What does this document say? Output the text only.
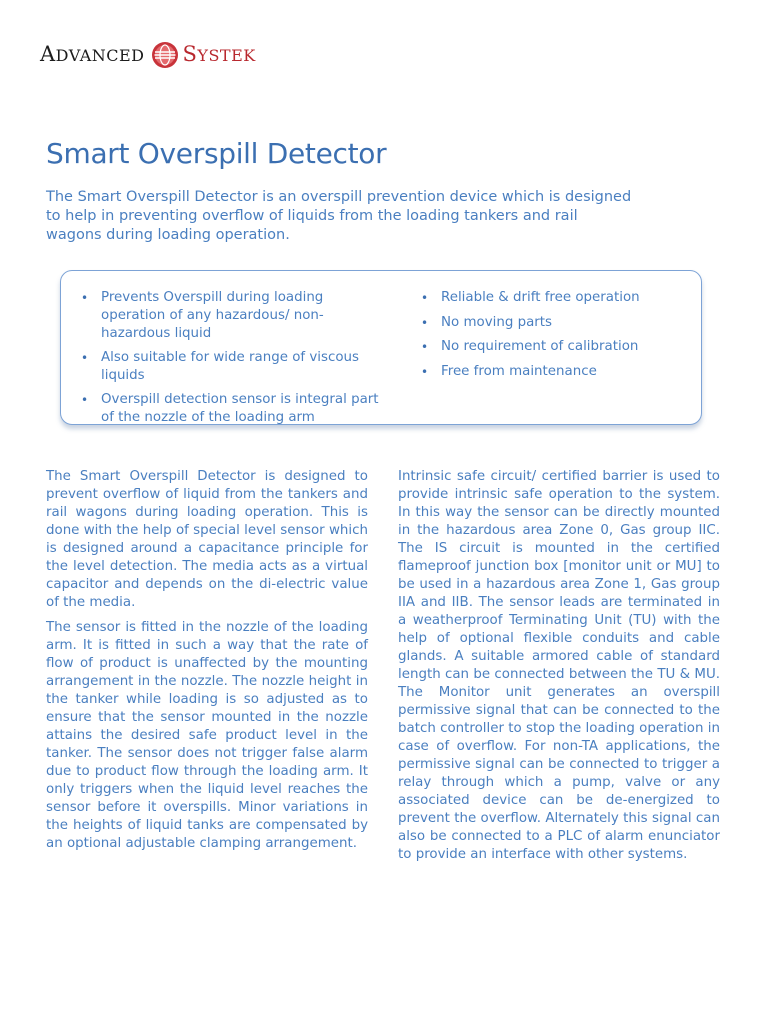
ADVANCED SYSTEK
Smart Overspill Detector

The Smart Overspill Detector is an overspill prevention device which is designed to help in preventing overflow of liquids from the loading tankers and rail wagons during loading operation.

• Prevents Overspill during loading operation of any hazardous/ non-hazardous liquid
• Also suitable for wide range of viscous liquids
• Overspill detection sensor is integral part of the nozzle of the loading arm
• Reliable & drift free operation
• No moving parts
• No requirement of calibration
• Free from maintenance

The Smart Overspill Detector is designed to prevent overflow of liquid from the tankers and rail wagons during loading operation. This is done with the help of special level sensor which is designed around a capacitance principle for the level detection. The media acts as a virtual capacitor and depends on the di-electric value of the media.

The sensor is fitted in the nozzle of the loading arm. It is fitted in such a way that the rate of flow of product is unaffected by the mounting arrangement in the nozzle. The nozzle height in the tanker while loading is so adjusted as to ensure that the sensor mounted in the nozzle attains the desired safe product level in the tanker. The sensor does not trigger false alarm due to product flow through the loading arm. It only triggers when the liquid level reaches the sensor before it overspills. Minor variations in the heights of liquid tanks are compensated by an optional adjustable clamping arrangement.

Intrinsic safe circuit/ certified barrier is used to provide intrinsic safe operation to the system. In this way the sensor can be directly mounted in the hazardous area Zone 0, Gas group IIC. The IS circuit is mounted in the certified flameproof junction box [monitor unit or MU] to be used in a hazardous area Zone 1, Gas group IIA and IIB. The sensor leads are terminated in a weatherproof Terminating Unit (TU) with the help of optional flexible conduits and cable glands. A suitable armored cable of standard length can be connected between the TU & MU. The Monitor unit generates an overspill permissive signal that can be connected to the batch controller to stop the loading operation in case of overflow. For non-TA applications, the permissive signal can be connected to trigger a relay through which a pump, valve or any associated device can be de-energized to prevent the overflow. Alternately this signal can also be connected to a PLC of alarm enunciator to provide an interface with other systems.
